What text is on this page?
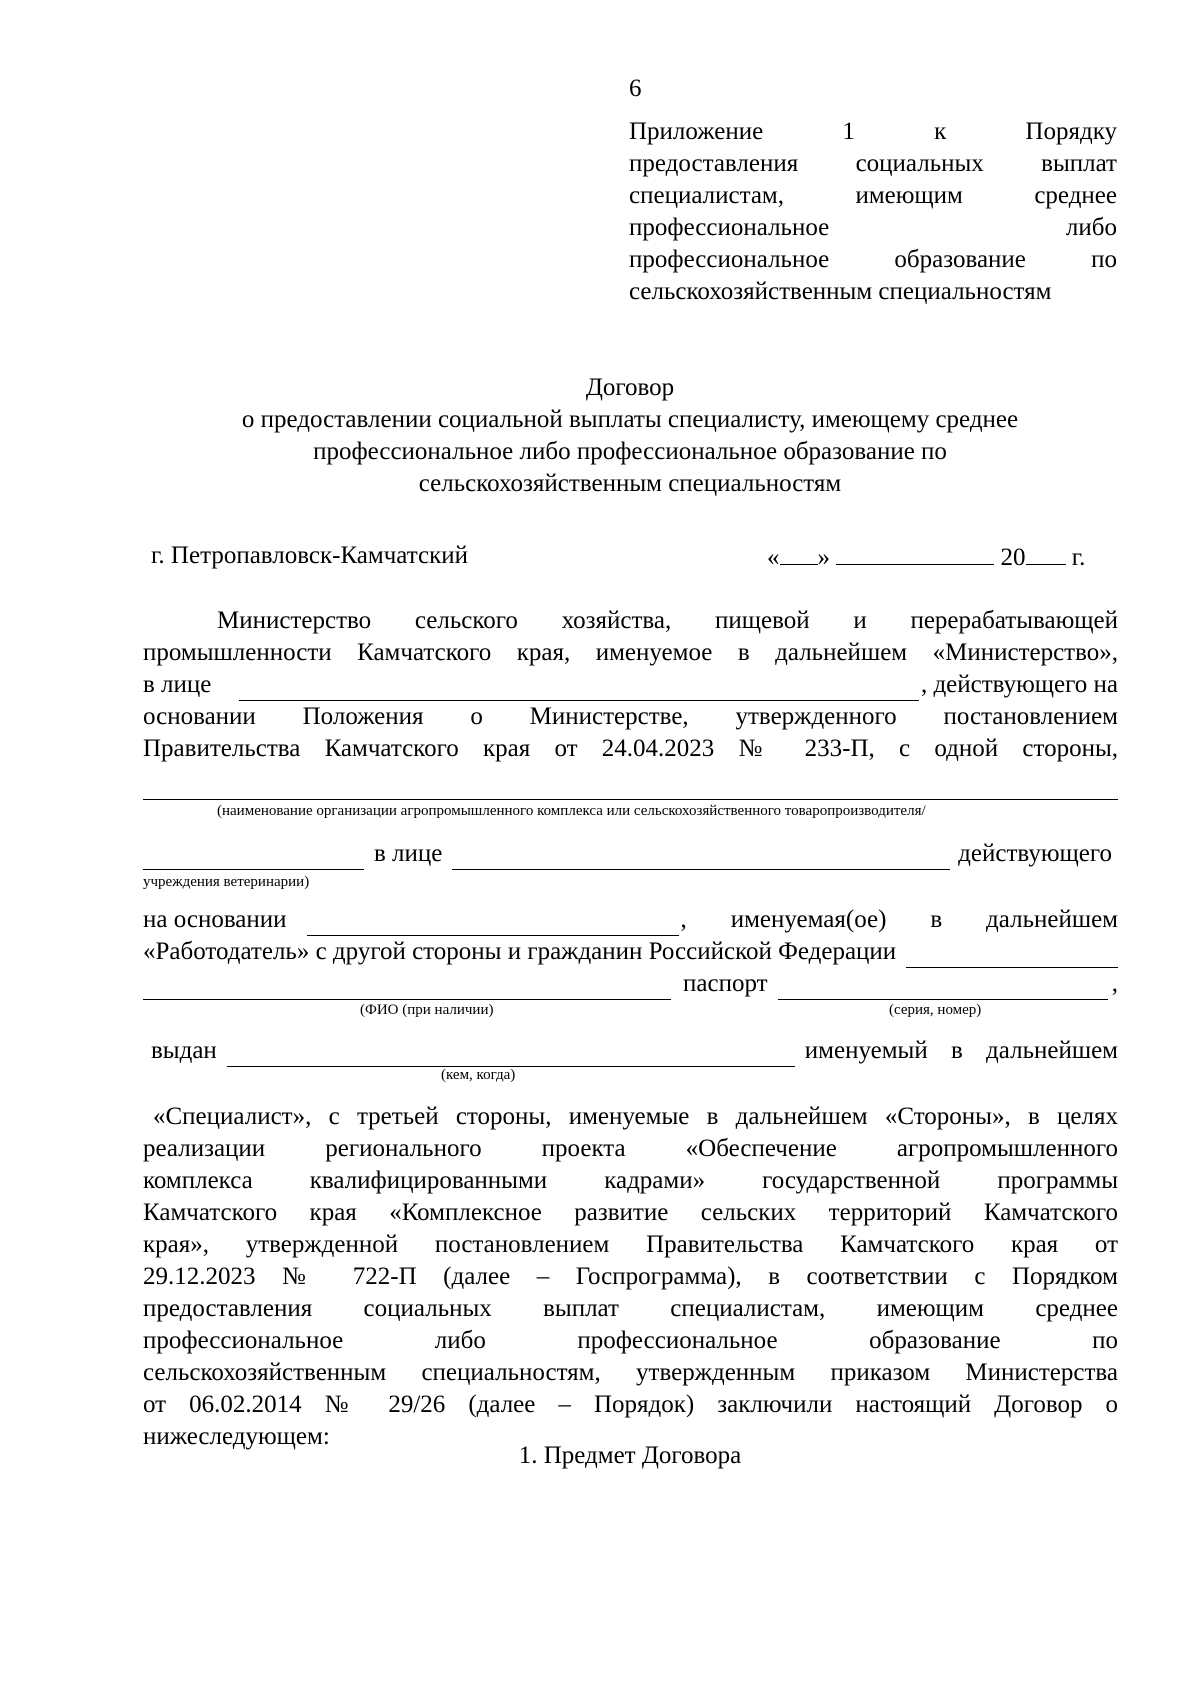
6
Приложение 1 к Порядку
предоставления социальных выплат
специалистам, имеющим среднее
профессиональное либо
профессиональное образование по
сельскохозяйственным специальностям
Договор
о предоставлении социальной выплаты специалисту, имеющему среднее
профессиональное либо профессиональное образование по
сельскохозяйственным специальностям
г. Петропавловск-Камчатский	« »	20 г.
Министерство сельского хозяйства, пищевой и перерабатывающей
промышленности Камчатского края, именуемое в дальнейшем «Министерство»,
в лице	, действующего на
основании Положения о Министерстве, утвержденного постановлением
Правительства Камчатского края от 24.04.2023 № 233-П, с одной стороны,
(наименование организации агропромышленного комплекса или сельскохозяйственного товаропроизводителя/
в лице	действующего
учреждения ветеринарии)
на основании	, именуемая(ое) в дальнейшем
«Работодатель» с другой стороны и гражданин Российской Федерации
паспорт	,
(ФИО (при наличии)	(серия, номер)
выдан	именуемый в дальнейшем
(кем, когда)
«Специалист», с третьей стороны, именуемые в дальнейшем «Стороны», в целях
реализации регионального проекта «Обеспечение агропромышленного
комплекса квалифицированными кадрами» государственной программы
Камчатского края «Комплексное развитие сельских территорий Камчатского
края», утвержденной постановлением Правительства Камчатского края от
29.12.2023 № 722-П (далее – Госпрограмма), в соответствии с Порядком
предоставления социальных выплат специалистам, имеющим среднее
профессиональное либо профессиональное образование по
сельскохозяйственным специальностям, утвержденным приказом Министерства
от 06.02.2014 № 29/26 (далее – Порядок) заключили настоящий Договор о
нижеследующем:
1. Предмет Договора
